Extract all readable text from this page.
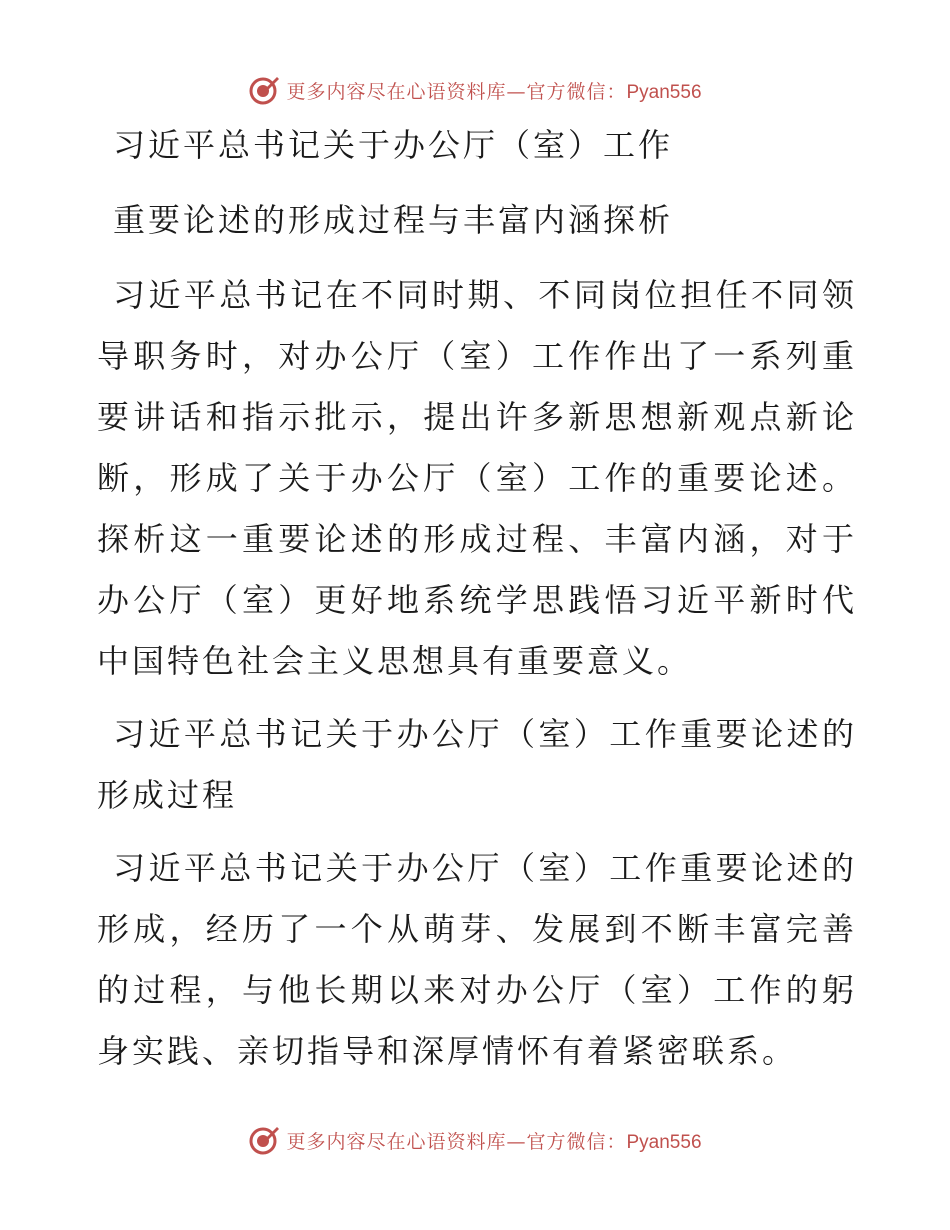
更多内容尽在心语资料库—官方微信：Pyan556

习近平总书记关于办公厅（室）工作

重要论述的形成过程与丰富内涵探析

习近平总书记在不同时期、不同岗位担任不同领导职务时，对办公厅（室）工作作出了一系列重要讲话和指示批示，提出许多新思想新观点新论断，形成了关于办公厅（室）工作的重要论述。探析这一重要论述的形成过程、丰富内涵，对于办公厅（室）更好地系统学思践悟习近平新时代中国特色社会主义思想具有重要意义。

习近平总书记关于办公厅（室）工作重要论述的形成过程

习近平总书记关于办公厅（室）工作重要论述的形成，经历了一个从萌芽、发展到不断丰富完善的过程，与他长期以来对办公厅（室）工作的躬身实践、亲切指导和深厚情怀有着紧密联系。

更多内容尽在心语资料库—官方微信：Pyan556
